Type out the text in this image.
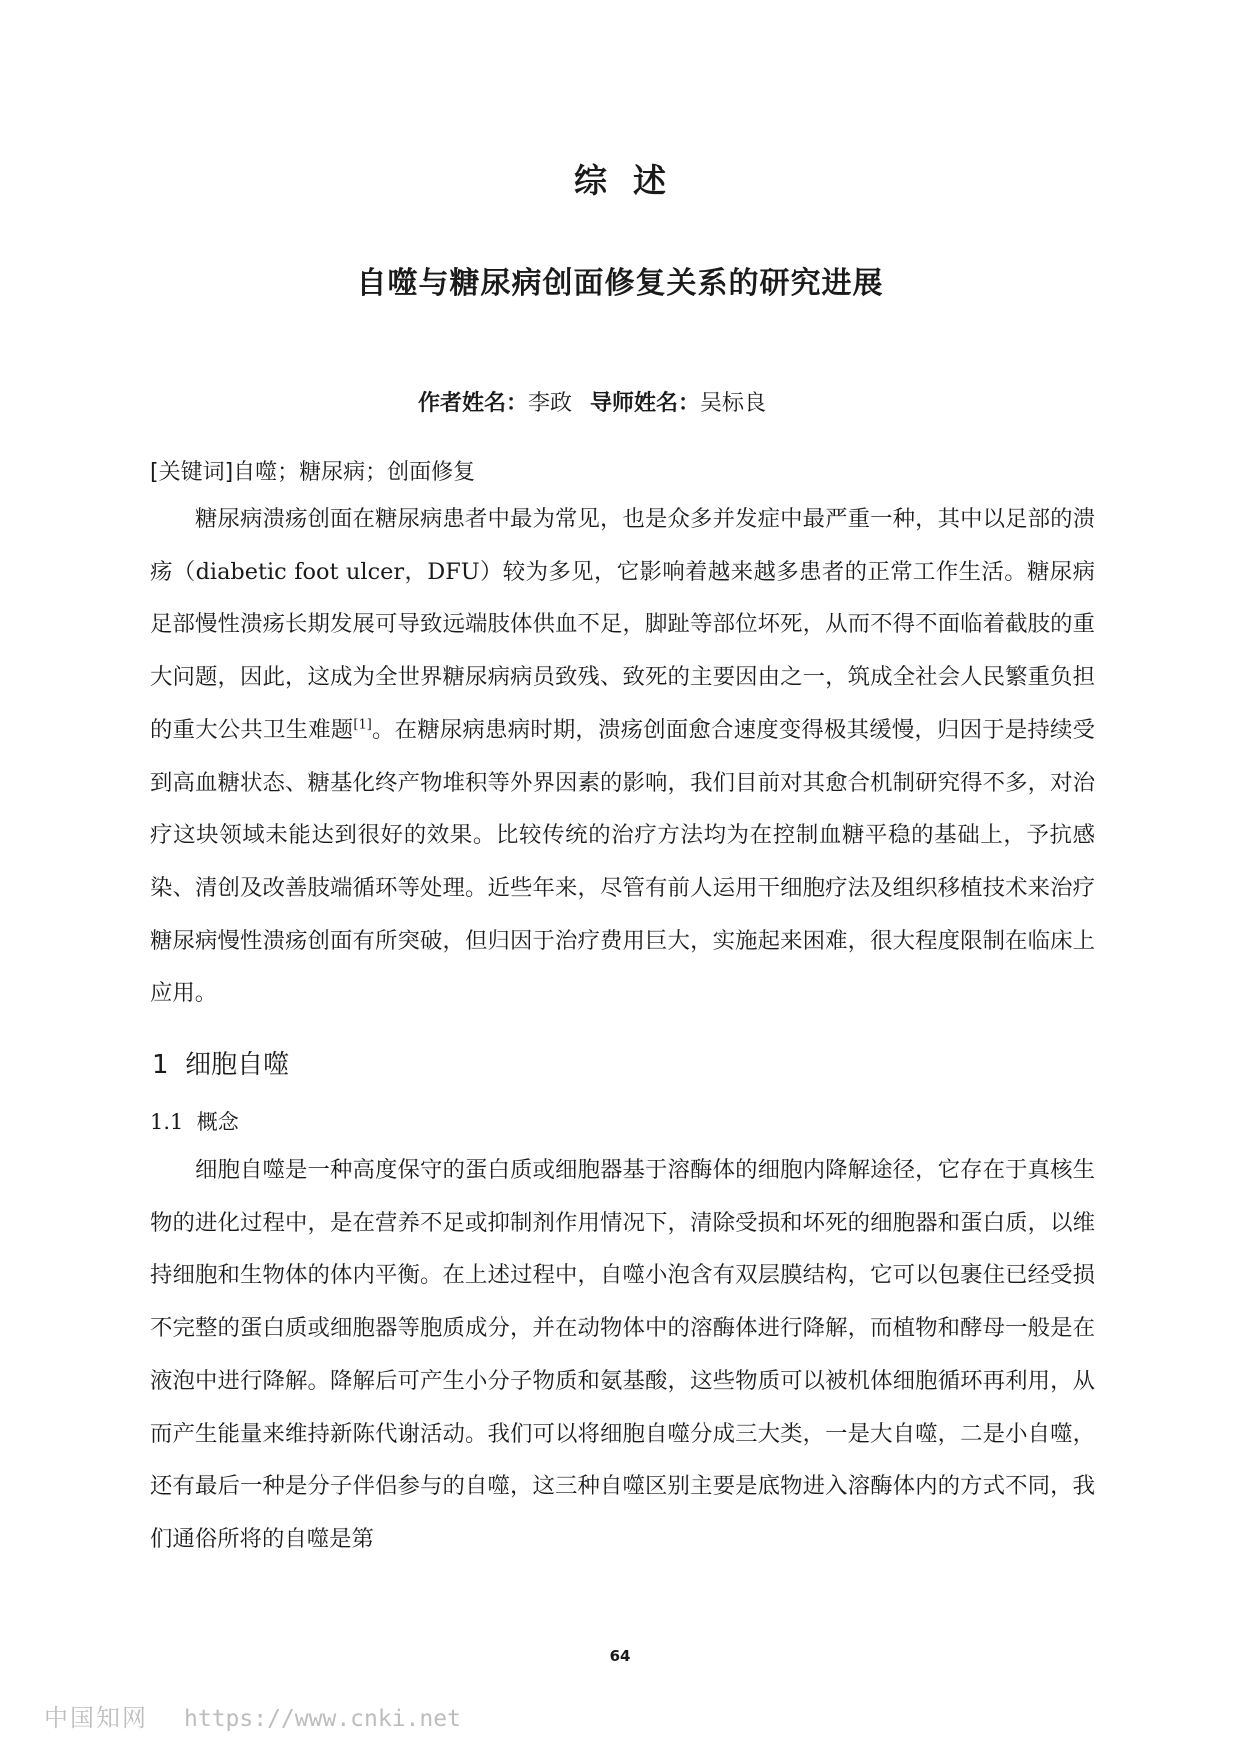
综述
自噬与糖尿病创面修复关系的研究进展
作者姓名：李政 导师姓名：吴标良
[关键词]自噬；糖尿病；创面修复

糖尿病溃疡创面在糖尿病患者中最为常见，也是众多并发症中最严重一种，其中以足部的溃疡（diabetic foot ulcer，DFU）较为多见，它影响着越来越多患者的正常工作生活。糖尿病足部慢性溃疡长期发展可导致远端肢体供血不足，脚趾等部位坏死，从而不得不面临着截肢的重大问题，因此，这成为全世界糖尿病病员致残、致死的主要因由之一，筑成全社会人民繁重负担的重大公共卫生难题[1]。在糖尿病患病时期，溃疡创面愈合速度变得极其缓慢，归因于是持续受到高血糖状态、糖基化终产物堆积等外界因素的影响，我们目前对其愈合机制研究得不多，对治疗这块领域未能达到很好的效果。比较传统的治疗方法均为在控制血糖平稳的基础上，予抗感染、清创及改善肢端循环等处理。近些年来，尽管有前人运用干细胞疗法及组织移植技术来治疗糖尿病慢性溃疡创面有所突破，但归因于治疗费用巨大，实施起来困难，很大程度限制在临床上应用。

1 细胞自噬
1.1 概念

细胞自噬是一种高度保守的蛋白质或细胞器基于溶酶体的细胞内降解途径，它存在于真核生物的进化过程中，是在营养不足或抑制剂作用情况下，清除受损和坏死的细胞器和蛋白质，以维持细胞和生物体的体内平衡。在上述过程中，自噬小泡含有双层膜结构，它可以包裹住已经受损不完整的蛋白质或细胞器等胞质成分，并在动物体中的溶酶体进行降解，而植物和酵母一般是在液泡中进行降解。降解后可产生小分子物质和氨基酸，这些物质可以被机体细胞循环再利用，从而产生能量来维持新陈代谢活动。我们可以将细胞自噬分成三大类，一是大自噬，二是小自噬，还有最后一种是分子伴侣参与的自噬，这三种自噬区别主要是底物进入溶酶体内的方式不同，我们通俗所将的自噬是第

64
中国知网 https://www.cnki.net
